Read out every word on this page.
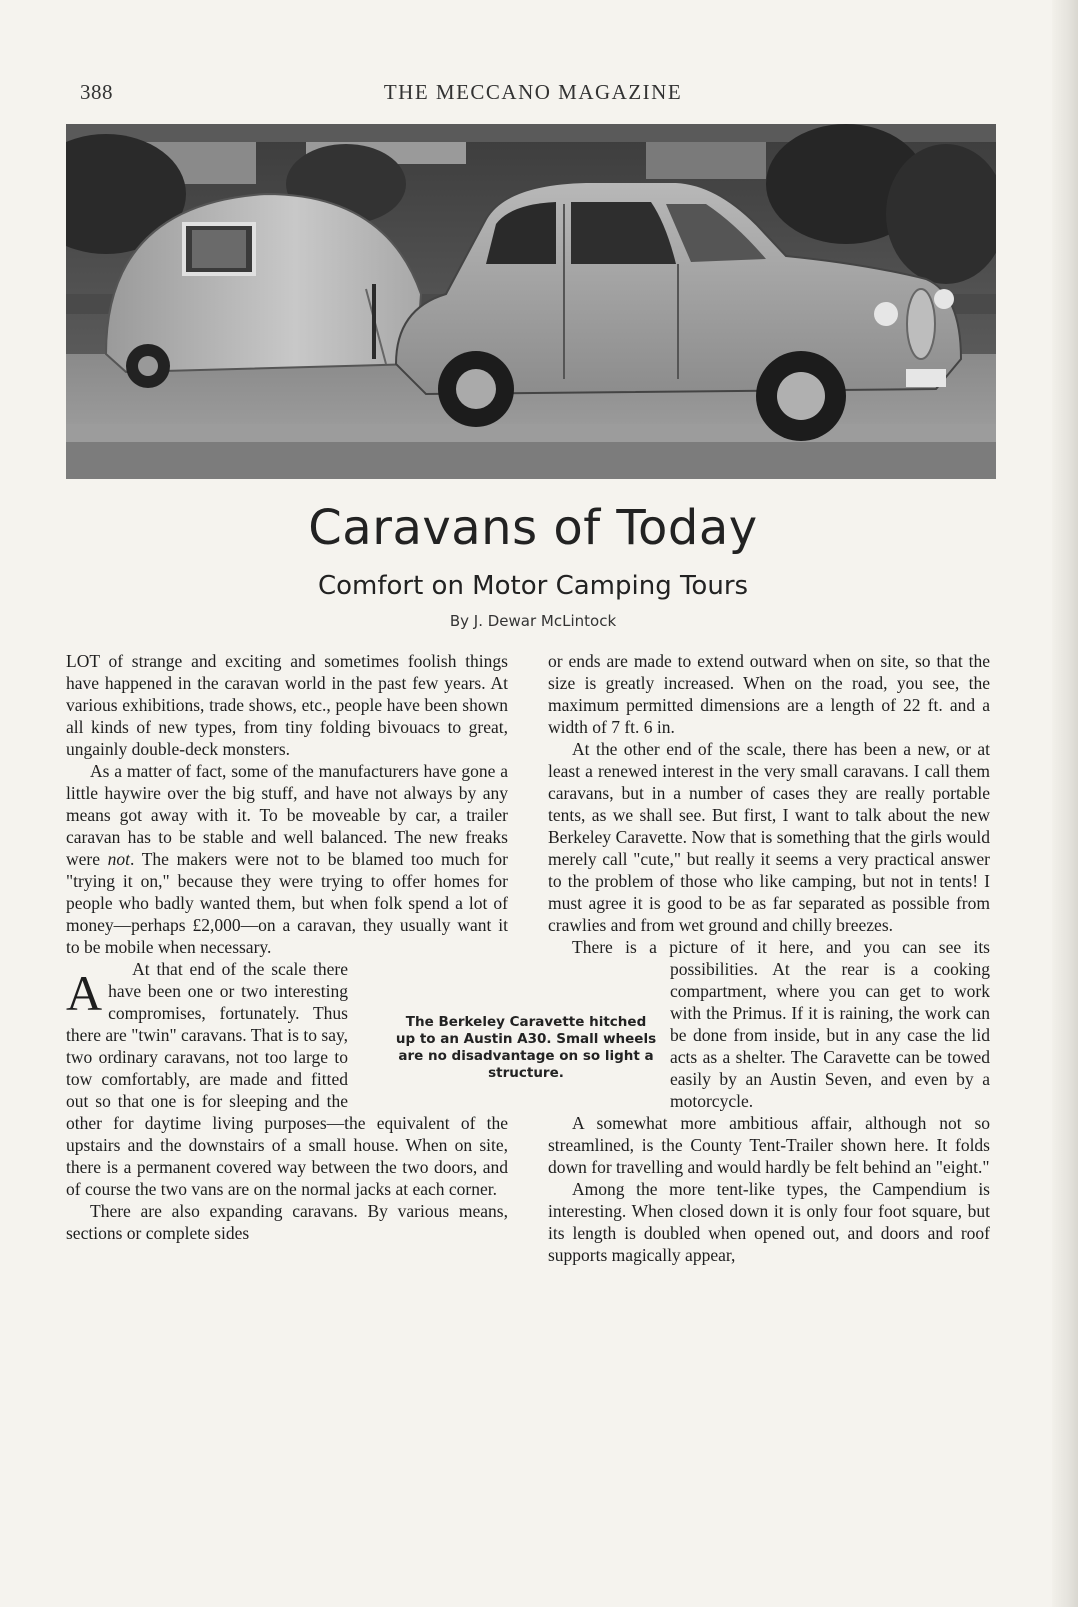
388	THE MECCANO MAGAZINE
Caravans of Today
Comfort on Motor Camping Tours
By J. Dewar McLintock
The Berkeley Caravette hitched up to an Austin A30. Small wheels are no disadvantage on so light a structure.

A
LOT of strange and exciting and sometimes foolish things have happened in the caravan world in the past few years. At various exhibitions, trade shows, etc., people have been shown all kinds of new types, from tiny folding bivouacs to great, ungainly double-deck monsters.

As a matter of fact, some of the manufacturers have gone a little haywire over the big stuff, and have not always by any means got away with it. To be moveable by car, a trailer caravan has to be stable and well balanced. The new freaks were not. The makers were not to be blamed too much for "trying it on," because they were trying to offer homes for people who badly wanted them, but when folk spend a lot of money—perhaps £2,000—on a caravan, they usually want it to be mobile when necessary.

At that end of the scale there have been one or two interesting compromises, fortunately. Thus there are "twin" caravans. That is to say, two ordinary caravans, not too large to tow comfortably, are made and fitted out so that one is for sleeping and the other for daytime living purposes—the equivalent of the upstairs and the downstairs of a small house. When on site, there is a permanent covered way between the two doors, and of course the two vans are on the normal jacks at each corner.

There are also expanding caravans. By various means, sections or complete sides

or ends are made to extend outward when on site, so that the size is greatly increased. When on the road, you see, the maximum permitted dimensions are a length of 22 ft. and a width of 7 ft. 6 in.

At the other end of the scale, there has been a new, or at least a renewed interest in the very small caravans. I call them caravans, but in a number of cases they are really portable tents, as we shall see. But first, I want to talk about the new Berkeley Caravette. Now that is something that the girls would merely call "cute," but really it seems a very practical answer to the problem of those who like camping, but not in tents! I must agree it is good to be as far separated as possible from crawlies and from wet ground and chilly breezes.

There is a picture of it here, and you can see its possibilities. At the rear is a cooking compartment, where you can get to work with the Primus. If it is raining, the work can be done from inside, but in any case the lid acts as a shelter. The Caravette can be towed easily by an Austin Seven, and even by a motorcycle.

A somewhat more ambitious affair, although not so streamlined, is the County Tent-Trailer shown here. It folds down for travelling and would hardly be felt behind an "eight."

Among the more tent-like types, the Campendium is interesting. When closed down it is only four foot square, but its length is doubled when opened out, and doors and roof supports magically appear,
